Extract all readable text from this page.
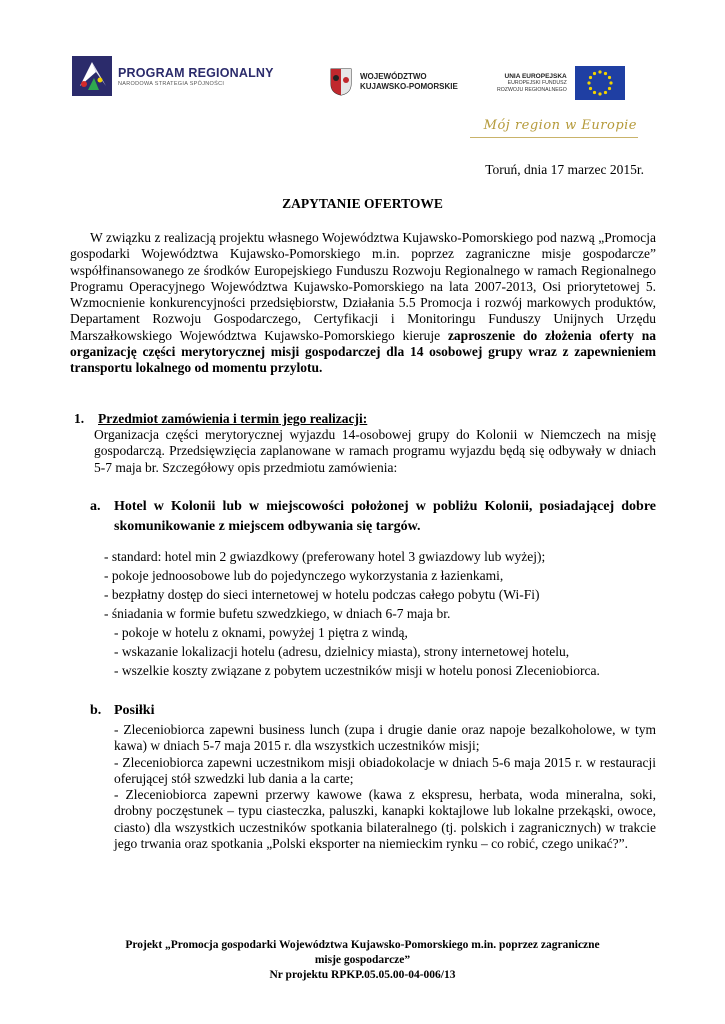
PROGRAM REGIONALNY
NARODOWA STRATEGIA SPÓJNOŚCI
WOJEWÓDZTWO
KUJAWSKO-POMORSKIE
UNIA EUROPEJSKA
EUROPEJSKI FUNDUSZ
ROZWOJU REGIONALNEGO
Mój region w Europie
Toruń, dnia 17 marzec 2015r.
ZAPYTANIE OFERTOWE
W związku z realizacją projektu własnego Województwa Kujawsko-Pomorskiego pod nazwą „Promocja gospodarki Województwa Kujawsko-Pomorskiego m.in. poprzez zagraniczne misje gospodarcze” współfinansowanego ze środków Europejskiego Funduszu Rozwoju Regionalnego w ramach Regionalnego Programu Operacyjnego Województwa Kujawsko-Pomorskiego na lata 2007-2013, Osi priorytetowej 5. Wzmocnienie konkurencyjności przedsiębiorstw, Działania 5.5 Promocja i rozwój markowych produktów, Departament Rozwoju Gospodarczego, Certyfikacji i Monitoringu Funduszy Unijnych Urzędu Marszałkowskiego Województwa Kujawsko-Pomorskiego kieruje zaproszenie do złożenia oferty na organizację części merytorycznej misji gospodarczej dla 14 osobowej grupy wraz z zapewnieniem transportu lokalnego od momentu przylotu.
1.	Przedmiot zamówienia i termin jego realizacji:
Organizacja części merytorycznej wyjazdu 14-osobowej grupy do Kolonii w Niemczech na misję gospodarczą. Przedsięwzięcia zaplanowane w ramach programu wyjazdu będą się odbywały w dniach 5-7 maja br. Szczegółowy opis przedmiotu zamówienia:
a. Hotel w Kolonii lub w miejscowości położonej w pobliżu Kolonii, posiadającej dobre skomunikowanie z miejscem odbywania się targów.
- standard: hotel min 2 gwiazdkowy (preferowany hotel 3 gwiazdowy lub wyżej);
- pokoje jednoosobowe lub do pojedynczego wykorzystania z łazienkami,
- bezpłatny dostęp do sieci internetowej w hotelu podczas całego pobytu (Wi-Fi)
- śniadania w formie bufetu szwedzkiego, w dniach 6-7 maja br.
- pokoje w hotelu z oknami, powyżej 1 piętra z windą,
- wskazanie lokalizacji hotelu (adresu, dzielnicy miasta), strony internetowej hotelu,
- wszelkie koszty związane z pobytem uczestników misji w hotelu ponosi Zleceniobiorca.
b. Posiłki
- Zleceniobiorca zapewni business lunch (zupa i drugie danie oraz napoje bezalkoholowe, w tym kawa) w dniach 5-7 maja 2015 r. dla wszystkich uczestników misji;
- Zleceniobiorca zapewni uczestnikom misji obiadokolacje w dniach 5-6 maja 2015 r. w restauracji oferującej stół szwedzki lub dania a la carte;
- Zleceniobiorca zapewni przerwy kawowe (kawa z ekspresu, herbata, woda mineralna, soki, drobny poczęstunek – typu ciasteczka, paluszki, kanapki koktajlowe lub lokalne przekąski, owoce, ciasto) dla wszystkich uczestników spotkania bilateralnego (tj. polskich i zagranicznych) w trakcie jego trwania oraz spotkania „Polski eksporter na niemieckim rynku – co robić, czego unikać?”.
Projekt „Promocja gospodarki Województwa Kujawsko-Pomorskiego m.in. poprzez zagraniczne
misje gospodarcze”
Nr projektu RPKP.05.05.00-04-006/13
